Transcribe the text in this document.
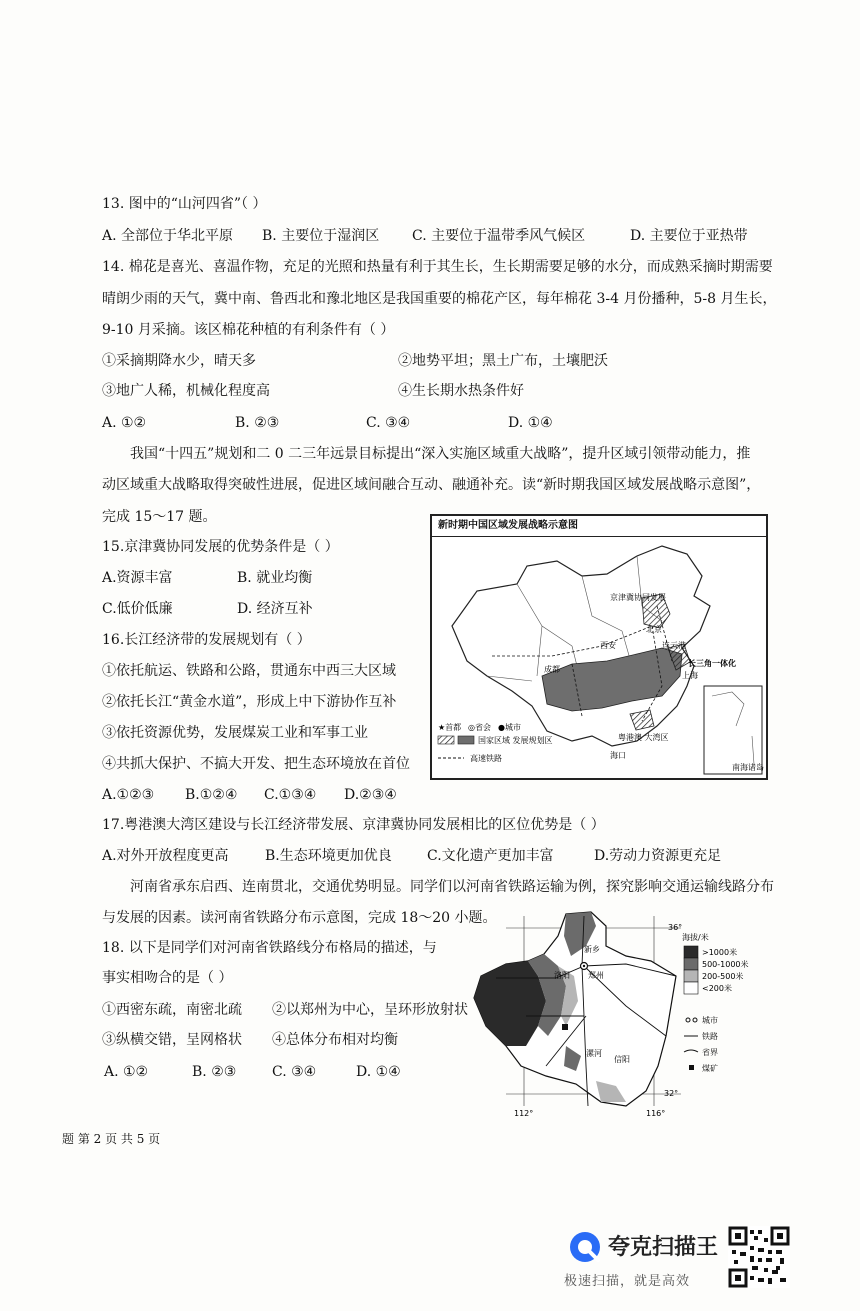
13. 图中的“山河四省”（ ）
A. 全部位于华北平原 B. 主要位于湿润区 C. 主要位于温带季风气候区	D. 主要位于亚热带
14. 棉花是喜光、喜温作物，充足的光照和热量有利于其生长，生长期需要足够的水分，而成熟采摘时期需要
晴朗少雨的天气，冀中南、鲁西北和豫北地区是我国重要的棉花产区，每年棉花 3-4 月份播种，5-8 月生长，
9-10 月采摘。该区棉花种植的有利条件有（ ）
①采摘期降水少，晴天多	②地势平坦；黑土广布，土壤肥沃
③地广人稀，机械化程度高	④生长期水热条件好
A. ①②	B. ②③	C. ③④	D. ①④
我国“十四五”规划和二 0 二三年远景目标提出“深入实施区域重大战略”，提升区域引领带动能力，推
动区域重大战略取得突破性进展，促进区域间融合互动、融通补充。读“新时期我国区域发展战略示意图”，
完成 15～17 题。
15.京津冀协同发展的优势条件是（ ）
A.资源丰富	B. 就业均衡
C.低价低廉	D. 经济互补
16.长江经济带的发展规划有（ ）
①依托航运、铁路和公路，贯通东中西三大区域
②依托长江“黄金水道”，形成上中下游协作互补
③依托资源优势，发展煤炭工业和军事工业
④共抓大保护、不搞大开发、把生态环境放在首位
A.①②③ B.①②④ C.①③④ D.②③④
新时期中国区域发展战略示意图
京津冀协同发展
北京
连云港
长三角一体化
上海
成都
西安
海口
粤港澳 大湾区
★首都 ◎省会 ●城市
国家区域 发展规划区
高速铁路
南海诸岛
17.粤港澳大湾区建设与长江经济带发展、京津冀协同发展相比的区位优势是（ ）
A.对外开放程度更高	B.生态环境更加优良	C.文化遗产更加丰富	D.劳动力资源更充足
河南省承东启西、连南贯北，交通优势明显。同学们以河南省铁路运输为例，探究影响交通运输线路分布
与发展的因素。读河南省铁路分布示意图，完成 18～20 小题。
18. 以下是同学们对河南省铁路线分布格局的描述，与
事实相吻合的是（ ）
①西密东疏，南密北疏 ②以郑州为中心，呈环形放射状
③纵横交错，呈网格状 ④总体分布相对均衡
A. ①②	B. ②③	C. ③④	D. ①④
36°
32°
112°	116°
洛阳 郑州
新乡
漯河
信阳
海拔/米
>1000米
500-1000米
200-500米
<200米
城市
铁路
省界
煤矿
题 第 2 页 共 5 页
夸克扫描王
极速扫描，就是高效
